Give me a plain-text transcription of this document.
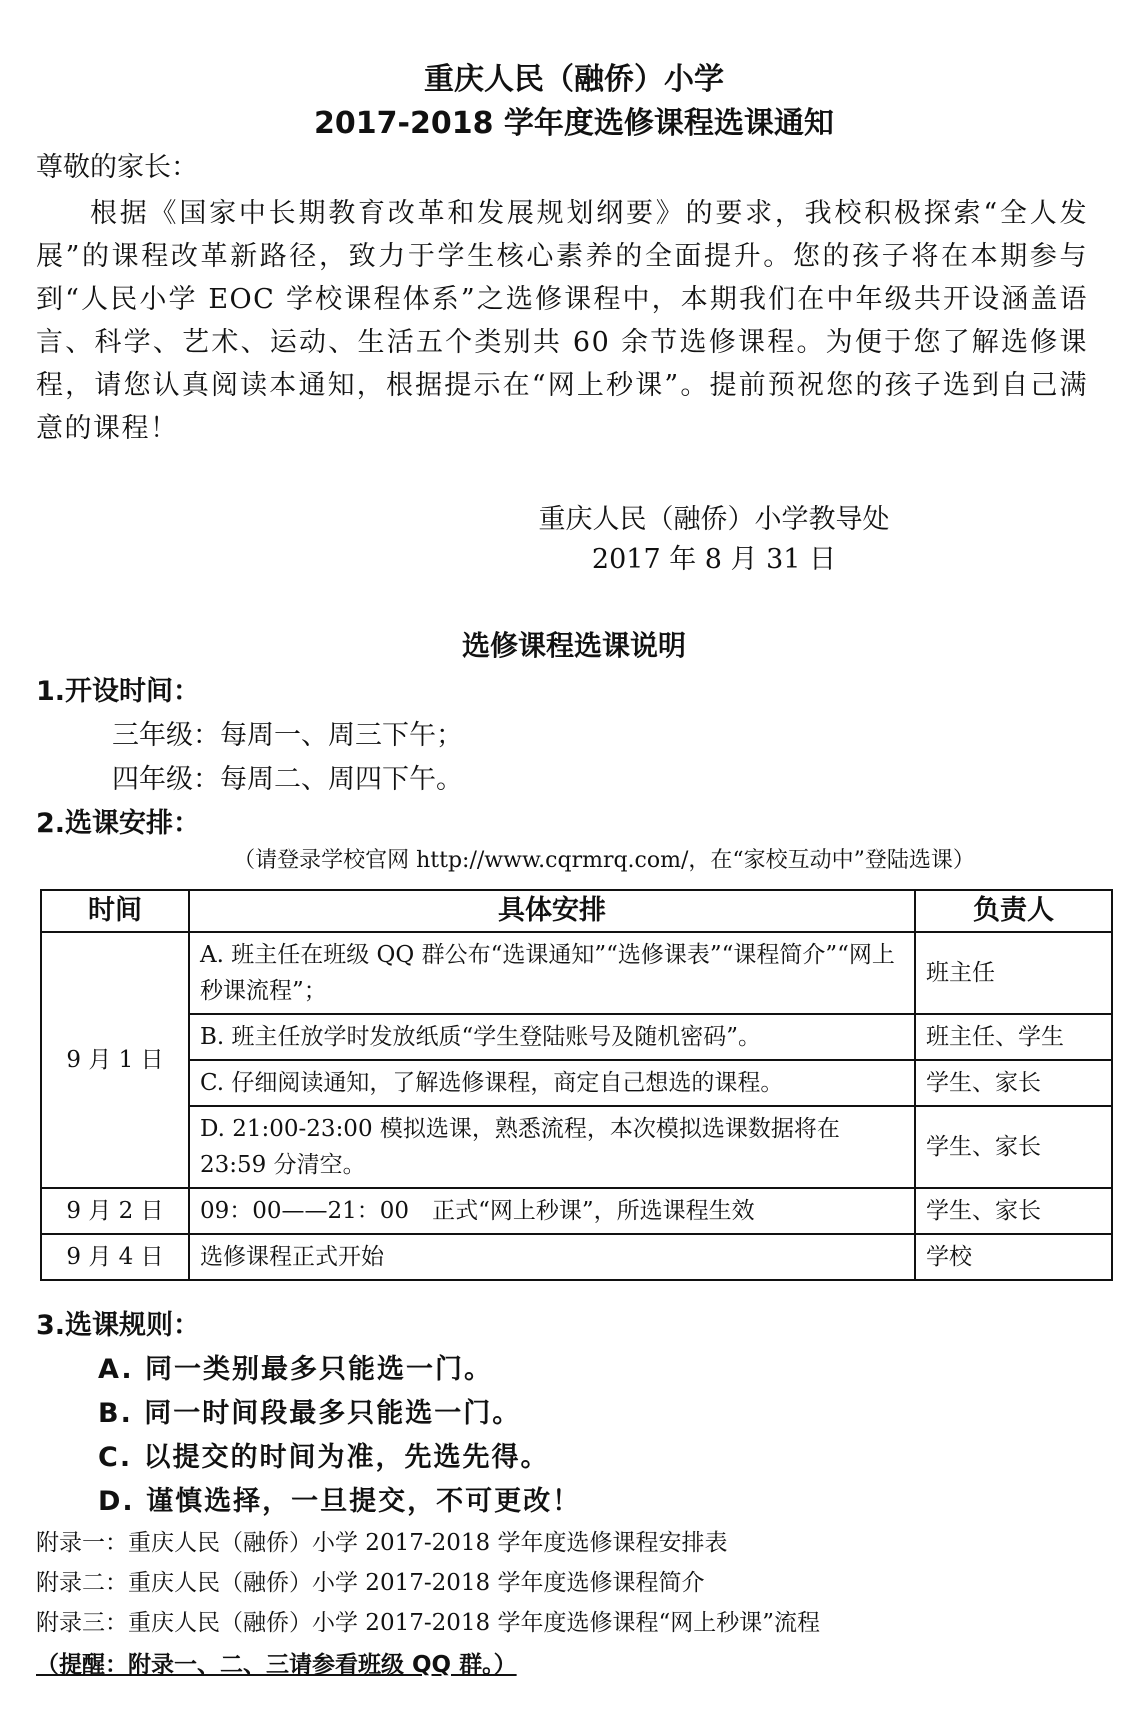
重庆人民（融侨）小学
2017-2018 学年度选修课程选课通知
尊敬的家长：
根据《国家中长期教育改革和发展规划纲要》的要求，我校积极探索“全人发展”的课程改革新路径，致力于学生核心素养的全面提升。您的孩子将在本期参与到“人民小学 EOC 学校课程体系”之选修课程中，本期我们在中年级共开设涵盖语言、科学、艺术、运动、生活五个类别共 60 余节选修课程。为便于您了解选修课程，请您认真阅读本通知，根据提示在“网上秒课”。提前预祝您的孩子选到自己满意的课程！
重庆人民（融侨）小学教导处
2017 年 8 月 31 日
选修课程选课说明
1.开设时间：
三年级：每周一、周三下午；
四年级：每周二、周四下午。
2.选课安排：
（请登录学校官网 http://www.cqrmrq.com/，在“家校互动中”登陆选课）
时间	具体安排	负责人
9 月 1 日	A. 班主任在班级 QQ 群公布“选课通知”“选修课表”“课程简介”“网上秒课流程”；	班主任
	B. 班主任放学时发放纸质“学生登陆账号及随机密码”。	班主任、学生
	C. 仔细阅读通知，了解选修课程，商定自己想选的课程。	学生、家长
	D. 21:00-23:00 模拟选课，熟悉流程，本次模拟选课数据将在 23:59 分清空。	学生、家长
9 月 2 日	09：00——21：00　正式“网上秒课”，所选课程生效	学生、家长
9 月 4 日	选修课程正式开始	学校
3.选课规则：
A. 同一类别最多只能选一门。
B. 同一时间段最多只能选一门。
C. 以提交的时间为准，先选先得。
D. 谨慎选择，一旦提交，不可更改！
附录一：重庆人民（融侨）小学 2017-2018 学年度选修课程安排表
附录二：重庆人民（融侨）小学 2017-2018 学年度选修课程简介
附录三：重庆人民（融侨）小学 2017-2018 学年度选修课程“网上秒课”流程
（提醒：附录一、二、三请参看班级 QQ 群。）
